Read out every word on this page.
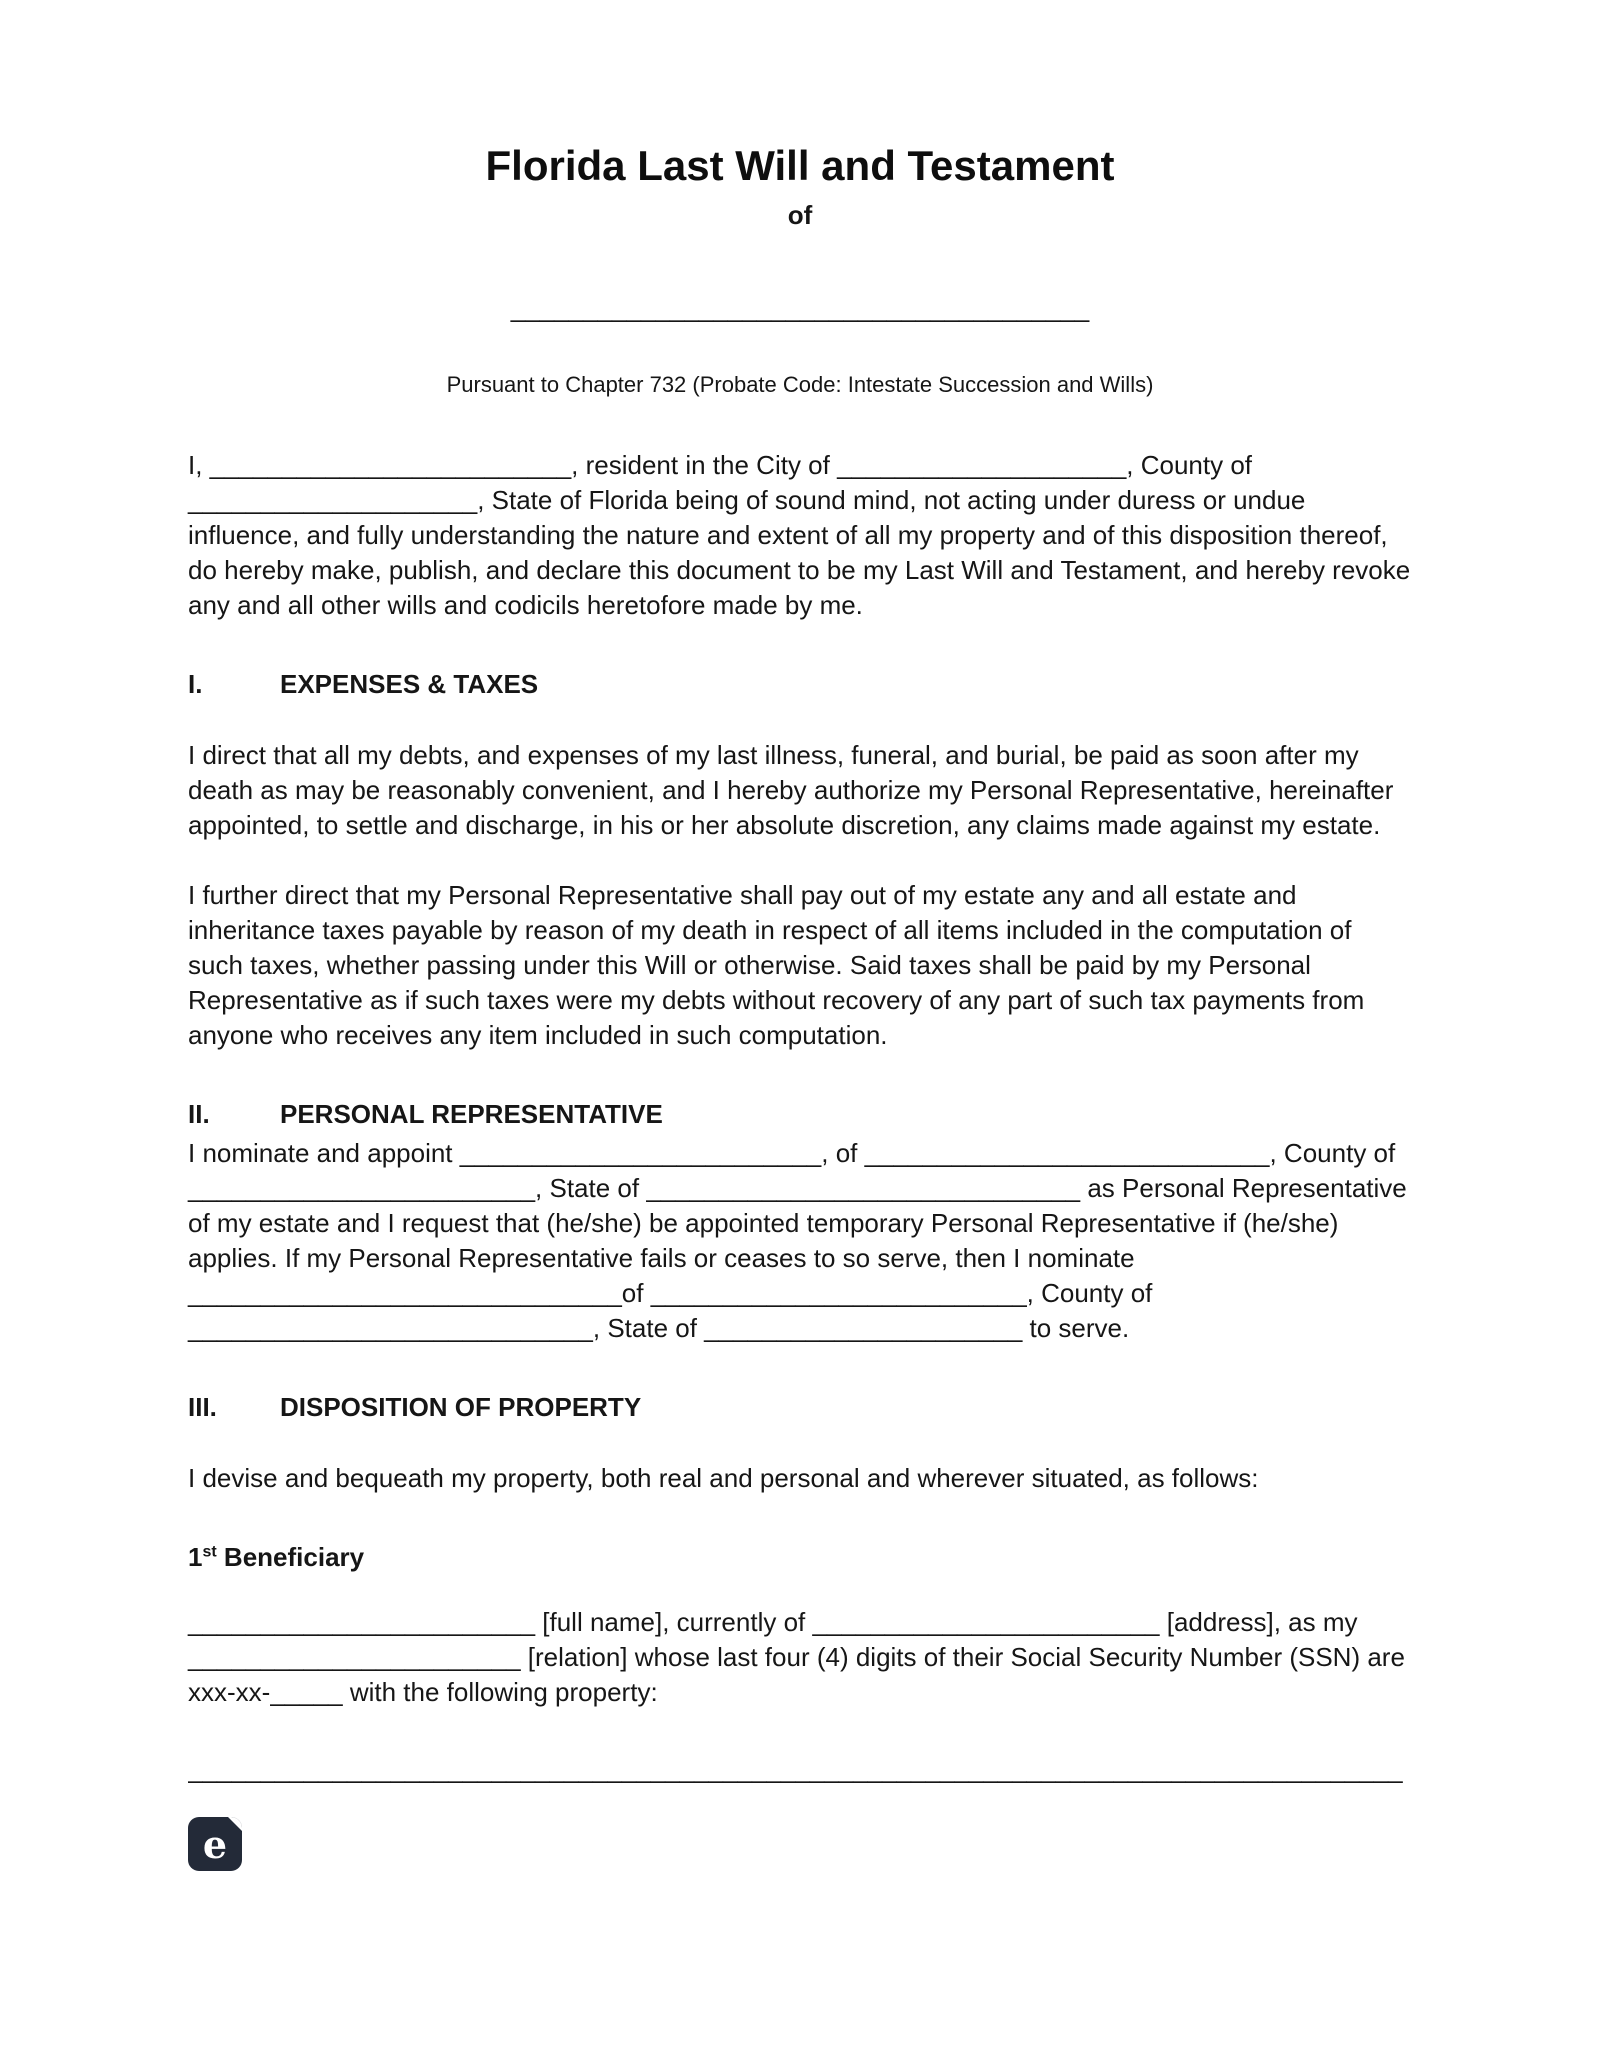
Florida Last Will and Testament
of
________________________________________
Pursuant to Chapter 732 (Probate Code: Intestate Succession and Wills)

I, _________________________, resident in the City of ____________________, County of ____________________, State of Florida being of sound mind, not acting under duress or undue influence, and fully understanding the nature and extent of all my property and of this disposition thereof, do hereby make, publish, and declare this document to be my Last Will and Testament, and hereby revoke any and all other wills and codicils heretofore made by me.

I.	EXPENSES & TAXES

I direct that all my debts, and expenses of my last illness, funeral, and burial, be paid as soon after my death as may be reasonably convenient, and I hereby authorize my Personal Representative, hereinafter appointed, to settle and discharge, in his or her absolute discretion, any claims made against my estate.

I further direct that my Personal Representative shall pay out of my estate any and all estate and inheritance taxes payable by reason of my death in respect of all items included in the computation of such taxes, whether passing under this Will or otherwise. Said taxes shall be paid by my Personal Representative as if such taxes were my debts without recovery of any part of such tax payments from anyone who receives any item included in such computation.

II.	PERSONAL REPRESENTATIVE

I nominate and appoint _________________________, of ____________________________, County of ________________________, State of ______________________________ as Personal Representative of my estate and I request that (he/she) be appointed temporary Personal Representative if (he/she) applies. If my Personal Representative fails or ceases to so serve, then I nominate ______________________________of __________________________, County of ____________________________, State of ______________________ to serve.

III.	DISPOSITION OF PROPERTY

I devise and bequeath my property, both real and personal and wherever situated, as follows:

1st Beneficiary

________________________ [full name], currently of ________________________ [address], as my _______________________ [relation] whose last four (4) digits of their Social Security Number (SSN) are xxx-xx-_____ with the following property:

____________________________________________________________________________________
e
